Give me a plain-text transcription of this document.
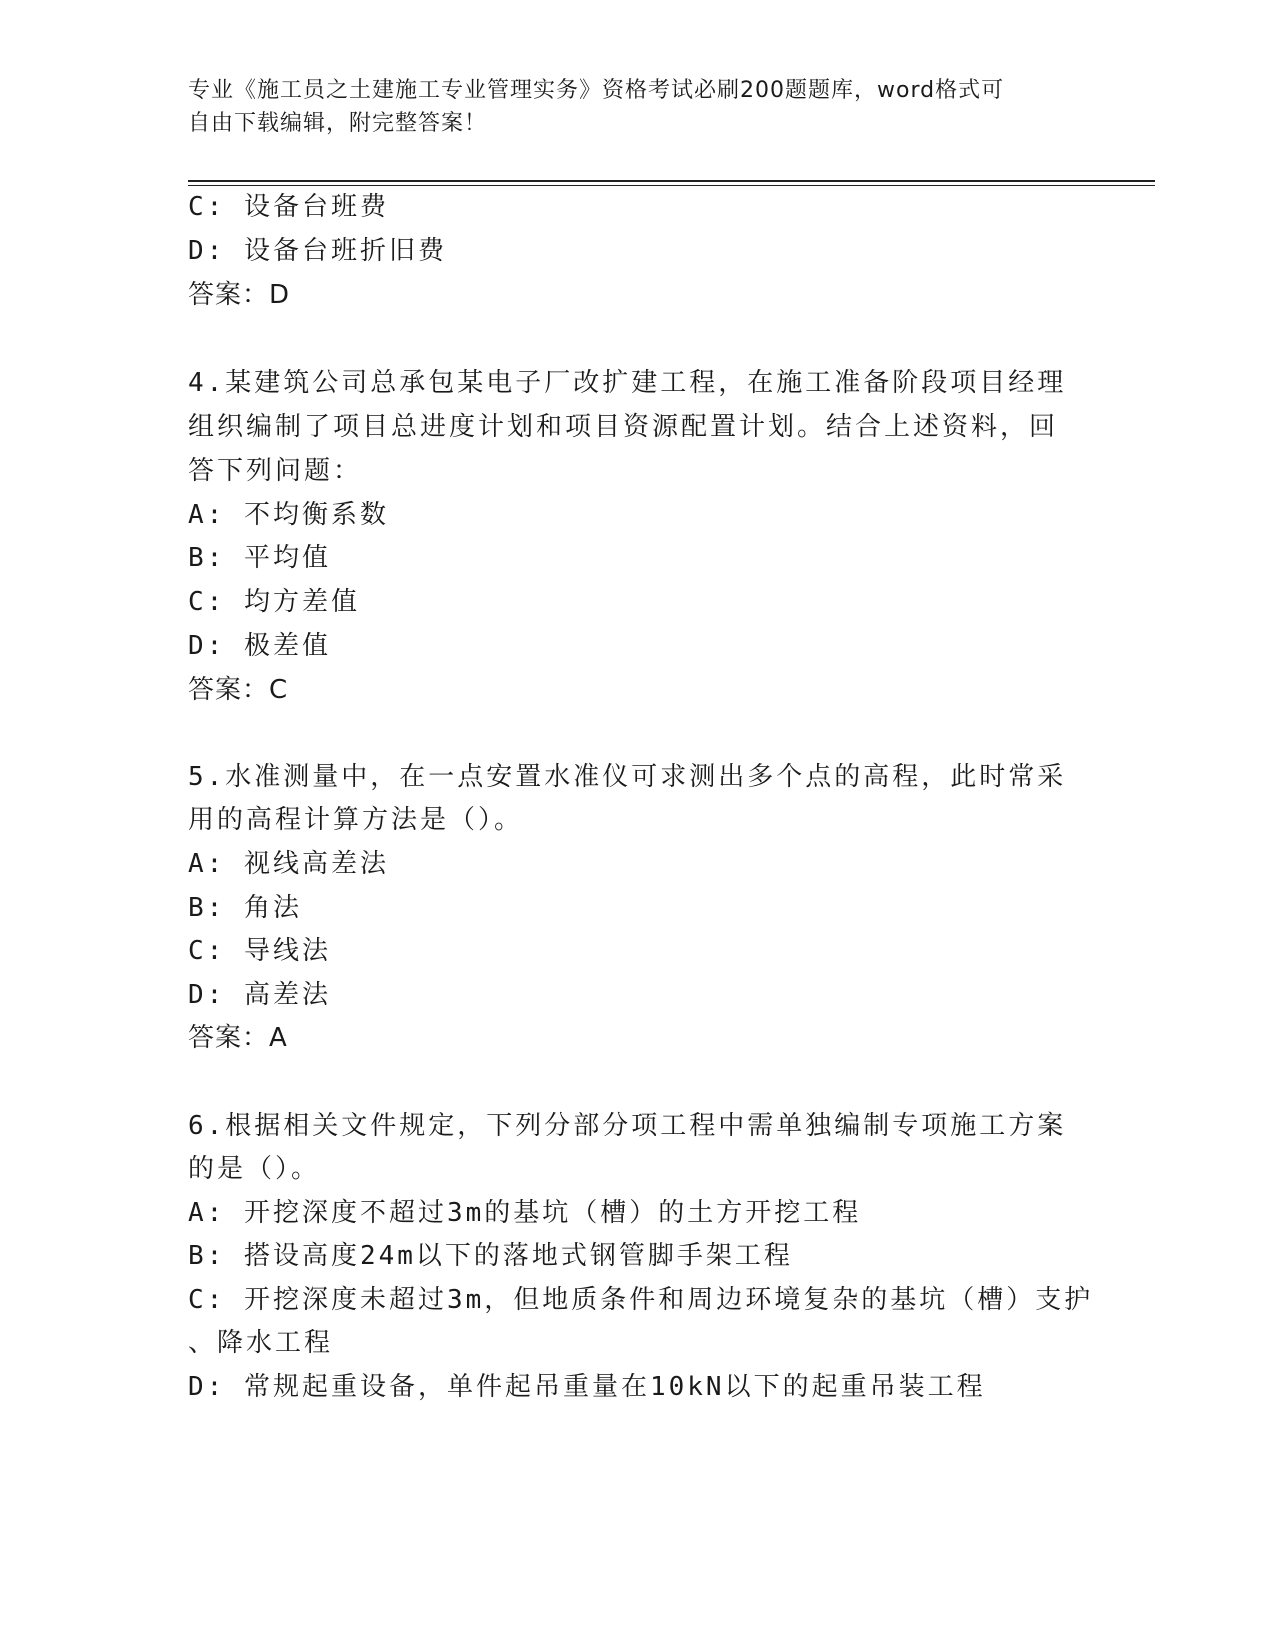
专业《施工员之土建施工专业管理实务》资格考试必刷200题题库，word格式可
自由下载编辑，附完整答案！
C: 设备台班费
D: 设备台班折旧费
答案：D
4.某建筑公司总承包某电子厂改扩建工程，在施工准备阶段项目经理
组织编制了项目总进度计划和项目资源配置计划。结合上述资料，回
答下列问题：
A: 不均衡系数
B: 平均值
C: 均方差值
D: 极差值
答案：C
5.水准测量中，在一点安置水准仪可求测出多个点的高程，此时常采
用的高程计算方法是（）。
A: 视线高差法
B: 角法
C: 导线法
D: 高差法
答案：A
6.根据相关文件规定，下列分部分项工程中需单独编制专项施工方案
的是（）。
A: 开挖深度不超过3m的基坑（槽）的土方开挖工程
B: 搭设高度24m以下的落地式钢管脚手架工程
C: 开挖深度未超过3m，但地质条件和周边环境复杂的基坑（槽）支护
、降水工程
D: 常规起重设备，单件起吊重量在10kN以下的起重吊装工程
